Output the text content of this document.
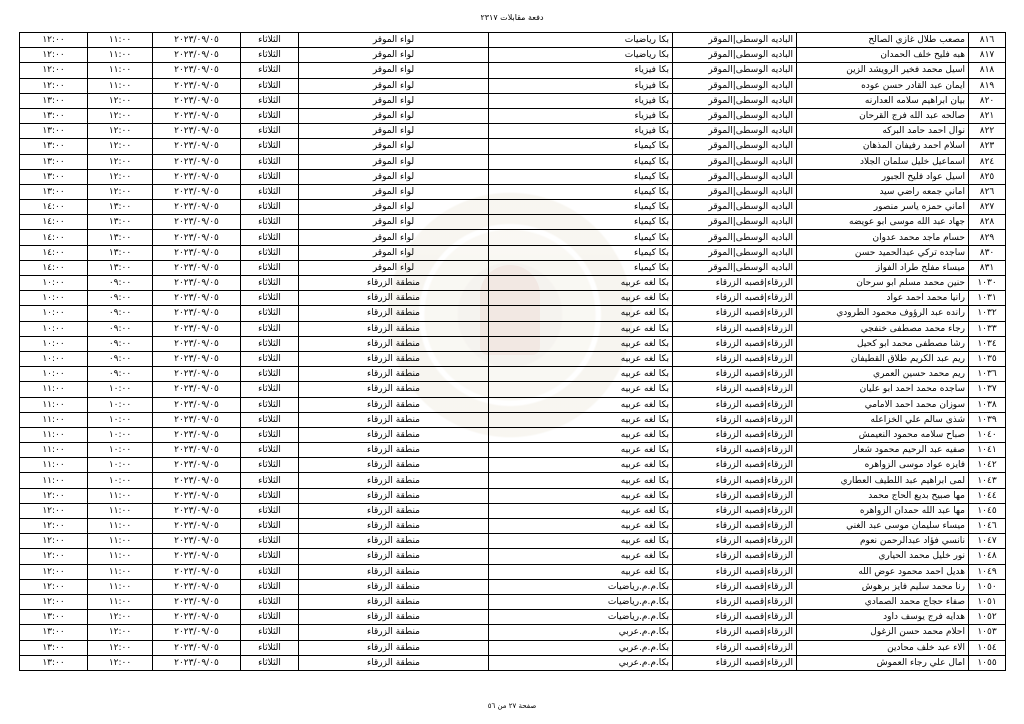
دفعة مقابلات ٢٣١٧
٨١٦	مصعب طلال غازي الصالح	الباديه الوسطى|الموقر	بكا رياضيات	لواء الموقر	الثلاثاء	٢٠٢٣/٠٩/٠٥	١١:٠٠	١٢:٠٠
٨١٧	هبه فليح خلف الحمدان	الباديه الوسطى|الموقر	بكا رياضيات	لواء الموقر	الثلاثاء	٢٠٢٣/٠٩/٠٥	١١:٠٠	١٢:٠٠
٨١٨	اسيل محمد فخير الرويشد الزين	الباديه الوسطى|الموقر	بكا فيزياء	لواء الموقر	الثلاثاء	٢٠٢٣/٠٩/٠٥	١١:٠٠	١٢:٠٠
٨١٩	ايمان عبد القادر حسن عوده	الباديه الوسطى|الموقر	بكا فيزياء	لواء الموقر	الثلاثاء	٢٠٢٣/٠٩/٠٥	١١:٠٠	١٢:٠٠
٨٢٠	بيان ابراهيم سلامه العدارنه	الباديه الوسطى|الموقر	بكا فيزياء	لواء الموقر	الثلاثاء	٢٠٢٣/٠٩/٠٥	١٢:٠٠	١٣:٠٠
٨٢١	صالحه عبد الله فرج القرحان	الباديه الوسطى|الموقر	بكا فيزياء	لواء الموقر	الثلاثاء	٢٠٢٣/٠٩/٠٥	١٢:٠٠	١٣:٠٠
٨٢٢	نوال احمد حامد البركه	الباديه الوسطى|الموقر	بكا فيزياء	لواء الموقر	الثلاثاء	٢٠٢٣/٠٩/٠٥	١٢:٠٠	١٣:٠٠
٨٢٣	اسلام احمد رفيفان المذهان	الباديه الوسطى|الموقر	بكا كيمياء	لواء الموقر	الثلاثاء	٢٠٢٣/٠٩/٠٥	١٢:٠٠	١٣:٠٠
٨٢٤	اسماعيل خليل سلمان الجلاد	الباديه الوسطى|الموقر	بكا كيمياء	لواء الموقر	الثلاثاء	٢٠٢٣/٠٩/٠٥	١٢:٠٠	١٣:٠٠
٨٢٥	اسيل عواد فليح الجبور	الباديه الوسطى|الموقر	بكا كيمياء	لواء الموقر	الثلاثاء	٢٠٢٣/٠٩/٠٥	١٢:٠٠	١٣:٠٠
٨٢٦	اماني جمعه راضي سيد	الباديه الوسطى|الموقر	بكا كيمياء	لواء الموقر	الثلاثاء	٢٠٢٣/٠٩/٠٥	١٢:٠٠	١٣:٠٠
٨٢٧	اماني حمزه ياسر منصور	الباديه الوسطى|الموقر	بكا كيمياء	لواء الموقر	الثلاثاء	٢٠٢٣/٠٩/٠٥	١٣:٠٠	١٤:٠٠
٨٢٨	جهاد عبد الله موسى ابو عويضه	الباديه الوسطى|الموقر	بكا كيمياء	لواء الموقر	الثلاثاء	٢٠٢٣/٠٩/٠٥	١٣:٠٠	١٤:٠٠
٨٢٩	حسام ماجد محمد عدوان	الباديه الوسطى|الموقر	بكا كيمياء	لواء الموقر	الثلاثاء	٢٠٢٣/٠٩/٠٥	١٣:٠٠	١٤:٠٠
٨٣٠	ساجده تركي عبدالحميد حسن	الباديه الوسطى|الموقر	بكا كيمياء	لواء الموقر	الثلاثاء	٢٠٢٣/٠٩/٠٥	١٣:٠٠	١٤:٠٠
٨٣١	ميساء مفلح طراد الفواز	الباديه الوسطى|الموقر	بكا كيمياء	لواء الموقر	الثلاثاء	٢٠٢٣/٠٩/٠٥	١٣:٠٠	١٤:٠٠
١٠٣٠	حنين محمد مسلم ابو سرحان	الزرقاء|قصبه الزرقاء	بكا لغه عربيه	منطقة الزرقاء	الثلاثاء	٢٠٢٣/٠٩/٠٥	٠٩:٠٠	١٠:٠٠
١٠٣١	رانيا محمد احمد عواد	الزرقاء|قصبه الزرقاء	بكا لغه عربيه	منطقة الزرقاء	الثلاثاء	٢٠٢٣/٠٩/٠٥	٠٩:٠٠	١٠:٠٠
١٠٣٢	رانده عبد الرؤوف محمود الطرودي	الزرقاء|قصبه الزرقاء	بكا لغه عربيه	منطقة الزرقاء	الثلاثاء	٢٠٢٣/٠٩/٠٥	٠٩:٠٠	١٠:٠٠
١٠٣٣	رجاء محمد مصطفى خنفجي	الزرقاء|قصبه الزرقاء	بكا لغه عربيه	منطقة الزرقاء	الثلاثاء	٢٠٢٣/٠٩/٠٥	٠٩:٠٠	١٠:٠٠
١٠٣٤	رشا مصطفى محمد ابو كحيل	الزرقاء|قصبه الزرقاء	بكا لغه عربيه	منطقة الزرقاء	الثلاثاء	٢٠٢٣/٠٩/٠٥	٠٩:٠٠	١٠:٠٠
١٠٣٥	ريم عبد الكريم طلاق القطيفان	الزرقاء|قصبه الزرقاء	بكا لغه عربيه	منطقة الزرقاء	الثلاثاء	٢٠٢٣/٠٩/٠٥	٠٩:٠٠	١٠:٠٠
١٠٣٦	ريم محمد حسين العمري	الزرقاء|قصبه الزرقاء	بكا لغه عربيه	منطقة الزرقاء	الثلاثاء	٢٠٢٣/٠٩/٠٥	٠٩:٠٠	١٠:٠٠
١٠٣٧	ساجده محمد احمد ابو عليان	الزرقاء|قصبه الزرقاء	بكا لغه عربيه	منطقة الزرقاء	الثلاثاء	٢٠٢٣/٠٩/٠٥	١٠:٠٠	١١:٠٠
١٠٣٨	سوزان محمد احمد الامامي	الزرقاء|قصبه الزرقاء	بكا لغه عربيه	منطقة الزرقاء	الثلاثاء	٢٠٢٣/٠٩/٠٥	١٠:٠٠	١١:٠٠
١٠٣٩	شذى سالم علي الخزاعله	الزرقاء|قصبه الزرقاء	بكا لغه عربيه	منطقة الزرقاء	الثلاثاء	٢٠٢٣/٠٩/٠٥	١٠:٠٠	١١:٠٠
١٠٤٠	صباح سلامه محمود النعيمش	الزرقاء|قصبه الزرقاء	بكا لغه عربيه	منطقة الزرقاء	الثلاثاء	٢٠٢٣/٠٩/٠٥	١٠:٠٠	١١:٠٠
١٠٤١	صفيه عبد الرحيم محمود شعار	الزرقاء|قصبه الزرقاء	بكا لغه عربيه	منطقة الزرقاء	الثلاثاء	٢٠٢٣/٠٩/٠٥	١٠:٠٠	١١:٠٠
١٠٤٢	فايزه عواد موسى الزواهره	الزرقاء|قصبه الزرقاء	بكا لغه عربيه	منطقة الزرقاء	الثلاثاء	٢٠٢٣/٠٩/٠٥	١٠:٠٠	١١:٠٠
١٠٤٣	لمى ابراهيم عبد اللطيف العطاري	الزرقاء|قصبه الزرقاء	بكا لغه عربيه	منطقة الزرقاء	الثلاثاء	٢٠٢٣/٠٩/٠٥	١٠:٠٠	١١:٠٠
١٠٤٤	مها صبيح بديع الحاج محمد	الزرقاء|قصبه الزرقاء	بكا لغه عربيه	منطقة الزرقاء	الثلاثاء	٢٠٢٣/٠٩/٠٥	١١:٠٠	١٢:٠٠
١٠٤٥	مها عبد الله حمدان الزواهره	الزرقاء|قصبه الزرقاء	بكا لغه عربيه	منطقة الزرقاء	الثلاثاء	٢٠٢٣/٠٩/٠٥	١١:٠٠	١٢:٠٠
١٠٤٦	ميساء سليمان موسى عبد الغني	الزرقاء|قصبه الزرقاء	بكا لغه عربيه	منطقة الزرقاء	الثلاثاء	٢٠٢٣/٠٩/٠٥	١١:٠٠	١٢:٠٠
١٠٤٧	نانسي فؤاد عبدالرحمن نعوم	الزرقاء|قصبه الزرقاء	بكا لغه عربيه	منطقة الزرقاء	الثلاثاء	٢٠٢٣/٠٩/٠٥	١١:٠٠	١٢:٠٠
١٠٤٨	نور خليل محمد الحياري	الزرقاء|قصبه الزرقاء	بكا لغه عربيه	منطقة الزرقاء	الثلاثاء	٢٠٢٣/٠٩/٠٥	١١:٠٠	١٢:٠٠
١٠٤٩	هديل احمد محمود عوض الله	الزرقاء|قصبه الزرقاء	بكا لغه عربيه	منطقة الزرقاء	الثلاثاء	٢٠٢٣/٠٩/٠٥	١١:٠٠	١٢:٠٠
١٠٥٠	رنا محمد سليم فايز برهوش	الزرقاء|قصبه الزرقاء	بكا.م.م.رياضيات	منطقة الزرقاء	الثلاثاء	٢٠٢٣/٠٩/٠٥	١١:٠٠	١٢:٠٠
١٠٥١	صفاء حجاج محمد الصمادي	الزرقاء|قصبه الزرقاء	بكا.م.م.رياضيات	منطقة الزرقاء	الثلاثاء	٢٠٢٣/٠٩/٠٥	١١:٠٠	١٢:٠٠
١٠٥٢	هدايه فرج يوسف داود	الزرقاء|قصبه الزرقاء	بكا.م.م.رياضيات	منطقة الزرقاء	الثلاثاء	٢٠٢٣/٠٩/٠٥	١٢:٠٠	١٣:٠٠
١٠٥٣	احلام محمد حسن الزغول	الزرقاء|قصبه الزرقاء	بكا.م.م.عربي	منطقة الزرقاء	الثلاثاء	٢٠٢٣/٠٩/٠٥	١٢:٠٠	١٣:٠٠
١٠٥٤	الاء عبد خلف محادين	الزرقاء|قصبه الزرقاء	بكا.م.م.عربي	منطقة الزرقاء	الثلاثاء	٢٠٢٣/٠٩/٠٥	١٢:٠٠	١٣:٠٠
١٠٥٥	امال علي رجاء العموش	الزرقاء|قصبه الزرقاء	بكا.م.م.عربي	منطقة الزرقاء	الثلاثاء	٢٠٢٣/٠٩/٠٥	١٢:٠٠	١٣:٠٠
صفحة ٢٧ من ٥٦
